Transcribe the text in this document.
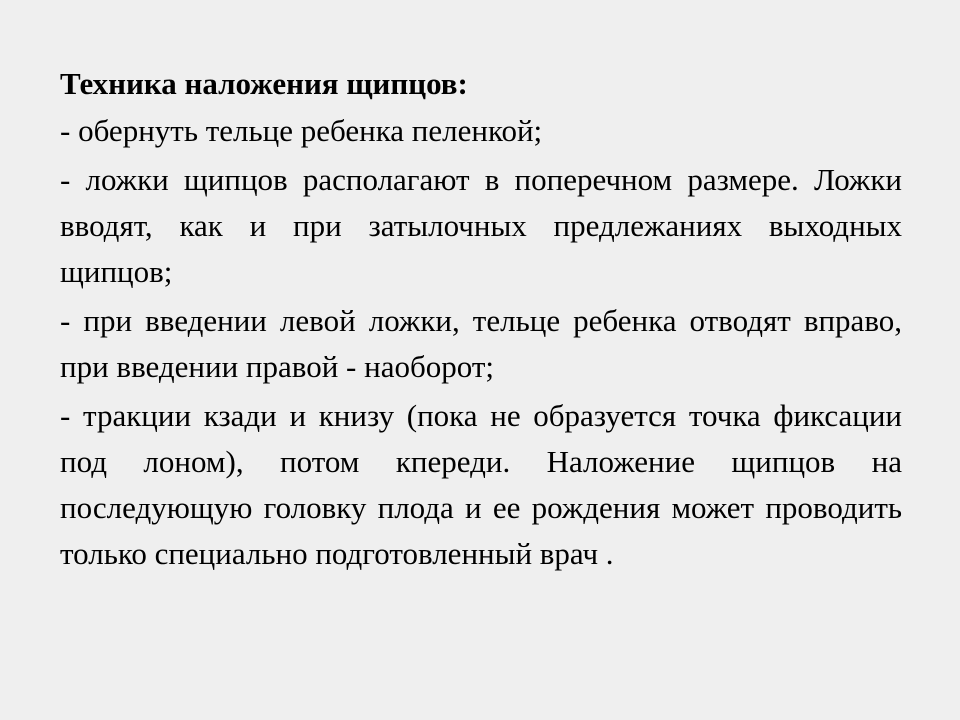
Техника наложения щипцов:
- обернуть тельце ребенка пеленкой;
- ложки щипцов располагают в поперечном размере. Ложки вводят, как и при затылочных предлежаниях выходных щипцов;
- при введении левой ложки, тельце ребенка отводят вправо, при введении правой - наоборот;
- тракции кзади и книзу (пока не образуется точка фиксации под лоном), потом кпереди. Наложение щипцов на последующую головку плода и ее рождения может проводить только специально подготовленный врач .
